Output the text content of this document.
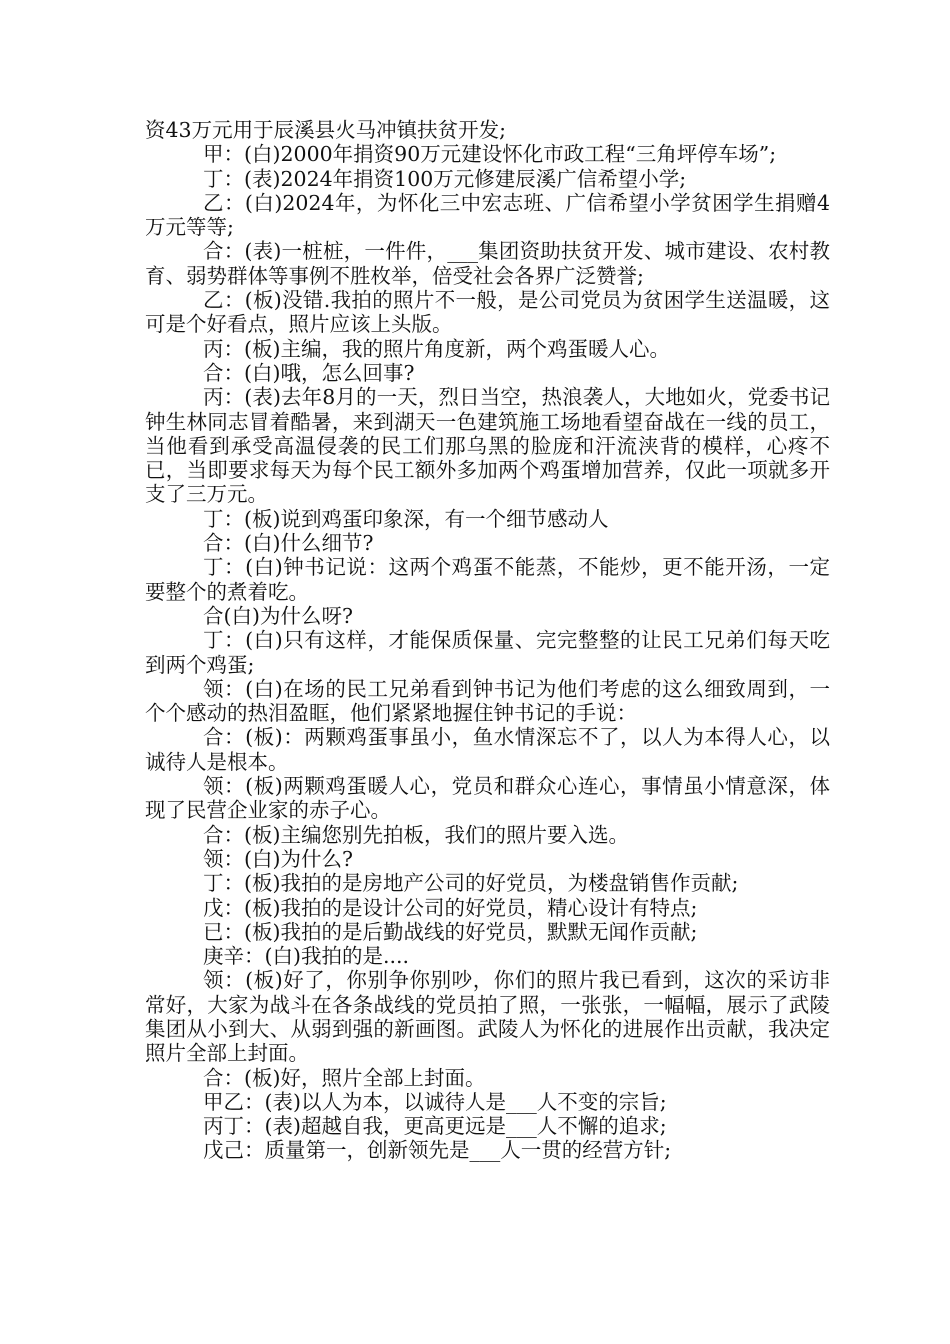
资43万元用于辰溪县火马冲镇扶贫开发;

甲：(白)2000年捐资90万元建设怀化市政工程“三角坪停车场”;

丁：(表)2024年捐资100万元修建辰溪广信希望小学;

乙：(白)2024年，为怀化三中宏志班、广信希望小学贫困学生捐赠4万元等等;

合：(表)一桩桩，一件件，___集团资助扶贫开发、城市建设、农村教育、弱势群体等事例不胜枚举，倍受社会各界广泛赞誉;

乙：(板)没错.我拍的照片不一般，是公司党员为贫困学生送温暖，这可是个好看点，照片应该上头版。

丙：(板)主编，我的照片角度新，两个鸡蛋暖人心。

合：(白)哦，怎么回事?

丙：(表)去年8月的一天，烈日当空，热浪袭人，大地如火，党委书记钟生林同志冒着酷暑，来到湖天一色建筑施工场地看望奋战在一线的员工，当他看到承受高温侵袭的民工们那乌黑的脸庞和汗流浃背的模样，心疼不已，当即要求每天为每个民工额外多加两个鸡蛋增加营养，仅此一项就多开支了三万元。

丁：(板)说到鸡蛋印象深，有一个细节感动人

合：(白)什么细节?

丁：(白)钟书记说：这两个鸡蛋不能蒸，不能炒，更不能开汤，一定要整个的煮着吃。

合(白)为什么呀?

丁：(白)只有这样，才能保质保量、完完整整的让民工兄弟们每天吃到两个鸡蛋;

领：(白)在场的民工兄弟看到钟书记为他们考虑的这么细致周到，一个个感动的热泪盈眶，他们紧紧地握住钟书记的手说：

合：(板)：两颗鸡蛋事虽小，鱼水情深忘不了，以人为本得人心，以诚待人是根本。

领：(板)两颗鸡蛋暖人心，党员和群众心连心，事情虽小情意深，体现了民营企业家的赤子心。

合：(板)主编您别先拍板，我们的照片要入选。

领：(白)为什么?

丁：(板)我拍的是房地产公司的好党员，为楼盘销售作贡献;

戊：(板)我拍的是设计公司的好党员，精心设计有特点;

已：(板)我拍的是后勤战线的好党员，默默无闻作贡献;

庚辛：(白)我拍的是....

领：(板)好了，你别争你别吵，你们的照片我已看到，这次的采访非常好，大家为战斗在各条战线的党员拍了照，一张张，一幅幅，展示了武陵集团从小到大、从弱到强的新画图。武陵人为怀化的进展作出贡献，我决定照片全部上封面。

合：(板)好，照片全部上封面。

甲乙：(表)以人为本，以诚待人是___人不变的宗旨;

丙丁：(表)超越自我，更高更远是___人不懈的追求;

戊己：质量第一，创新领先是___人一贯的经营方针;
